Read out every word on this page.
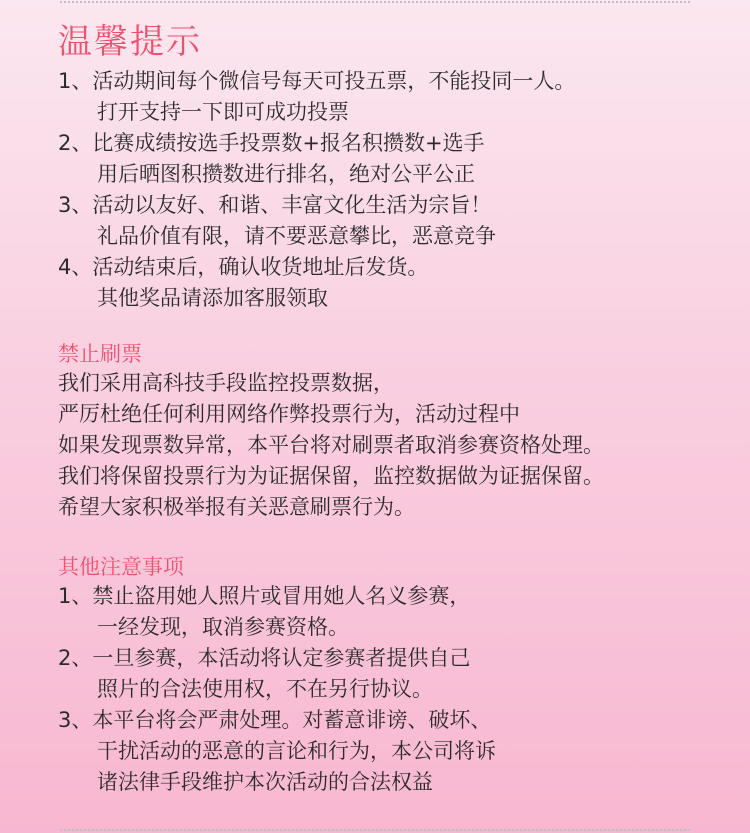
温馨提示

1、活动期间每个微信号每天可投五票，不能投同一人。

打开支持一下即可成功投票

2、比赛成绩按选手投票数+报名积攒数+选手

用后晒图积攒数进行排名，绝对公平公正

3、活动以友好、和谐、丰富文化生活为宗旨！

礼品价值有限，请不要恶意攀比，恶意竞争

4、活动结束后，确认收货地址后发货。

其他奖品请添加客服领取

禁止刷票

我们采用高科技手段监控投票数据，

严厉杜绝任何利用网络作弊投票行为，活动过程中

如果发现票数异常，本平台将对刷票者取消参赛资格处理。

我们将保留投票行为为证据保留，监控数据做为证据保留。

希望大家积极举报有关恶意刷票行为。

其他注意事项

1、禁止盗用她人照片或冒用她人名义参赛，

一经发现，取消参赛资格。

2、一旦参赛，本活动将认定参赛者提供自己

照片的合法使用权，不在另行协议。

3、本平台将会严肃处理。对蓄意诽谤、破坏、

干扰活动的恶意的言论和行为，本公司将诉

诸法律手段维护本次活动的合法权益
